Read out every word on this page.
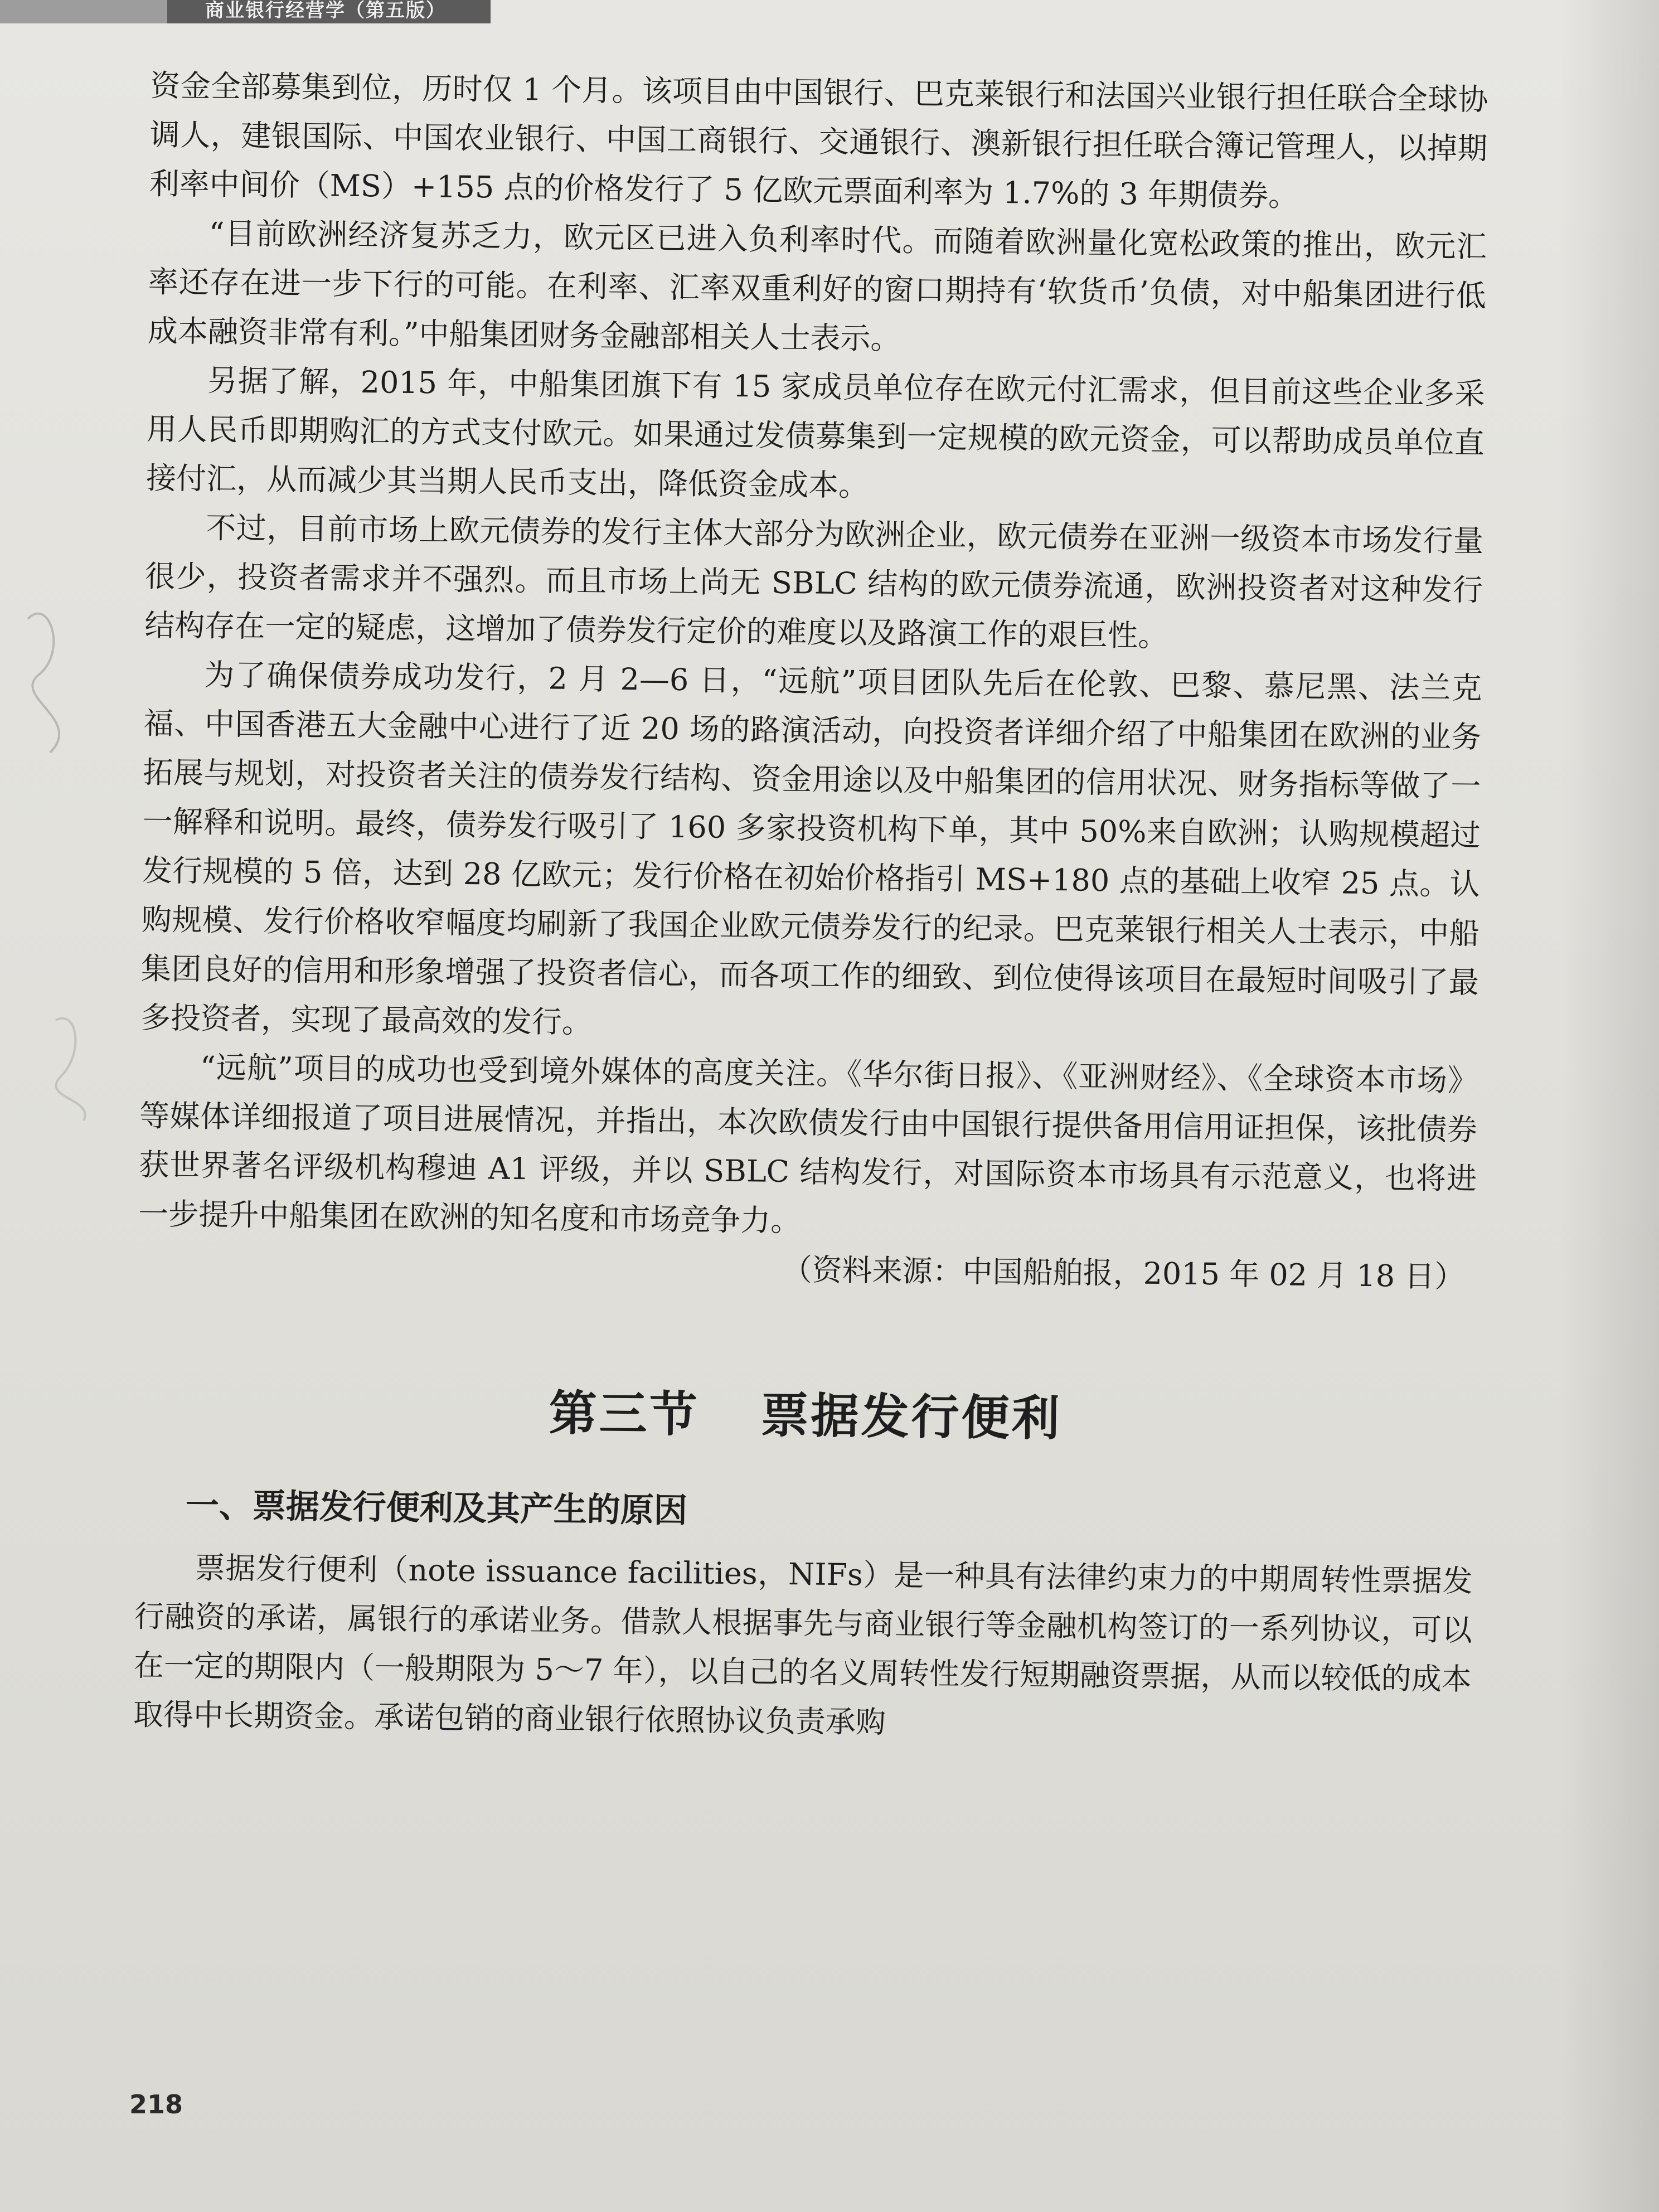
商业银行经营学（第五版）

资金全部募集到位，历时仅 1 个月。该项目由中国银行、巴克莱银行和法国兴业银行担任联合全球协调人，建银国际、中国农业银行、中国工商银行、交通银行、澳新银行担任联合簿记管理人，以掉期利率中间价（MS）+155 点的价格发行了 5 亿欧元票面利率为 1.7%的 3 年期债券。

“目前欧洲经济复苏乏力，欧元区已进入负利率时代。而随着欧洲量化宽松政策的推出，欧元汇率还存在进一步下行的可能。在利率、汇率双重利好的窗口期持有‘软货币’负债，对中船集团进行低成本融资非常有利。”中船集团财务金融部相关人士表示。

另据了解，2015 年，中船集团旗下有 15 家成员单位存在欧元付汇需求，但目前这些企业多采用人民币即期购汇的方式支付欧元。如果通过发债募集到一定规模的欧元资金，可以帮助成员单位直接付汇，从而减少其当期人民币支出，降低资金成本。

不过，目前市场上欧元债券的发行主体大部分为欧洲企业，欧元债券在亚洲一级资本市场发行量很少，投资者需求并不强烈。而且市场上尚无 SBLC 结构的欧元债券流通，欧洲投资者对这种发行结构存在一定的疑虑，这增加了债券发行定价的难度以及路演工作的艰巨性。

为了确保债券成功发行，2 月 2—6 日，“远航”项目团队先后在伦敦、巴黎、慕尼黑、法兰克福、中国香港五大金融中心进行了近 20 场的路演活动，向投资者详细介绍了中船集团在欧洲的业务拓展与规划，对投资者关注的债券发行结构、资金用途以及中船集团的信用状况、财务指标等做了一一解释和说明。最终，债券发行吸引了 160 多家投资机构下单，其中 50%来自欧洲；认购规模超过发行规模的 5 倍，达到 28 亿欧元；发行价格在初始价格指引 MS+180 点的基础上收窄 25 点。认购规模、发行价格收窄幅度均刷新了我国企业欧元债券发行的纪录。巴克莱银行相关人士表示，中船集团良好的信用和形象增强了投资者信心，而各项工作的细致、到位使得该项目在最短时间吸引了最多投资者，实现了最高效的发行。

“远航”项目的成功也受到境外媒体的高度关注。《华尔街日报》、《亚洲财经》、《全球资本市场》等媒体详细报道了项目进展情况，并指出，本次欧债发行由中国银行提供备用信用证担保，该批债券获世界著名评级机构穆迪 A1 评级，并以 SBLC 结构发行，对国际资本市场具有示范意义，也将进一步提升中船集团在欧洲的知名度和市场竞争力。

（资料来源：中国船舶报，2015 年 02 月 18 日）

第三节 票据发行便利
一、票据发行便利及其产生的原因

票据发行便利（note issuance facilities，NIFs）是一种具有法律约束力的中期周转性票据发行融资的承诺，属银行的承诺业务。借款人根据事先与商业银行等金融机构签订的一系列协议，可以在一定的期限内（一般期限为 5～7 年），以自己的名义周转性发行短期融资票据，从而以较低的成本取得中长期资金。承诺包销的商业银行依照协议负责承购

218
